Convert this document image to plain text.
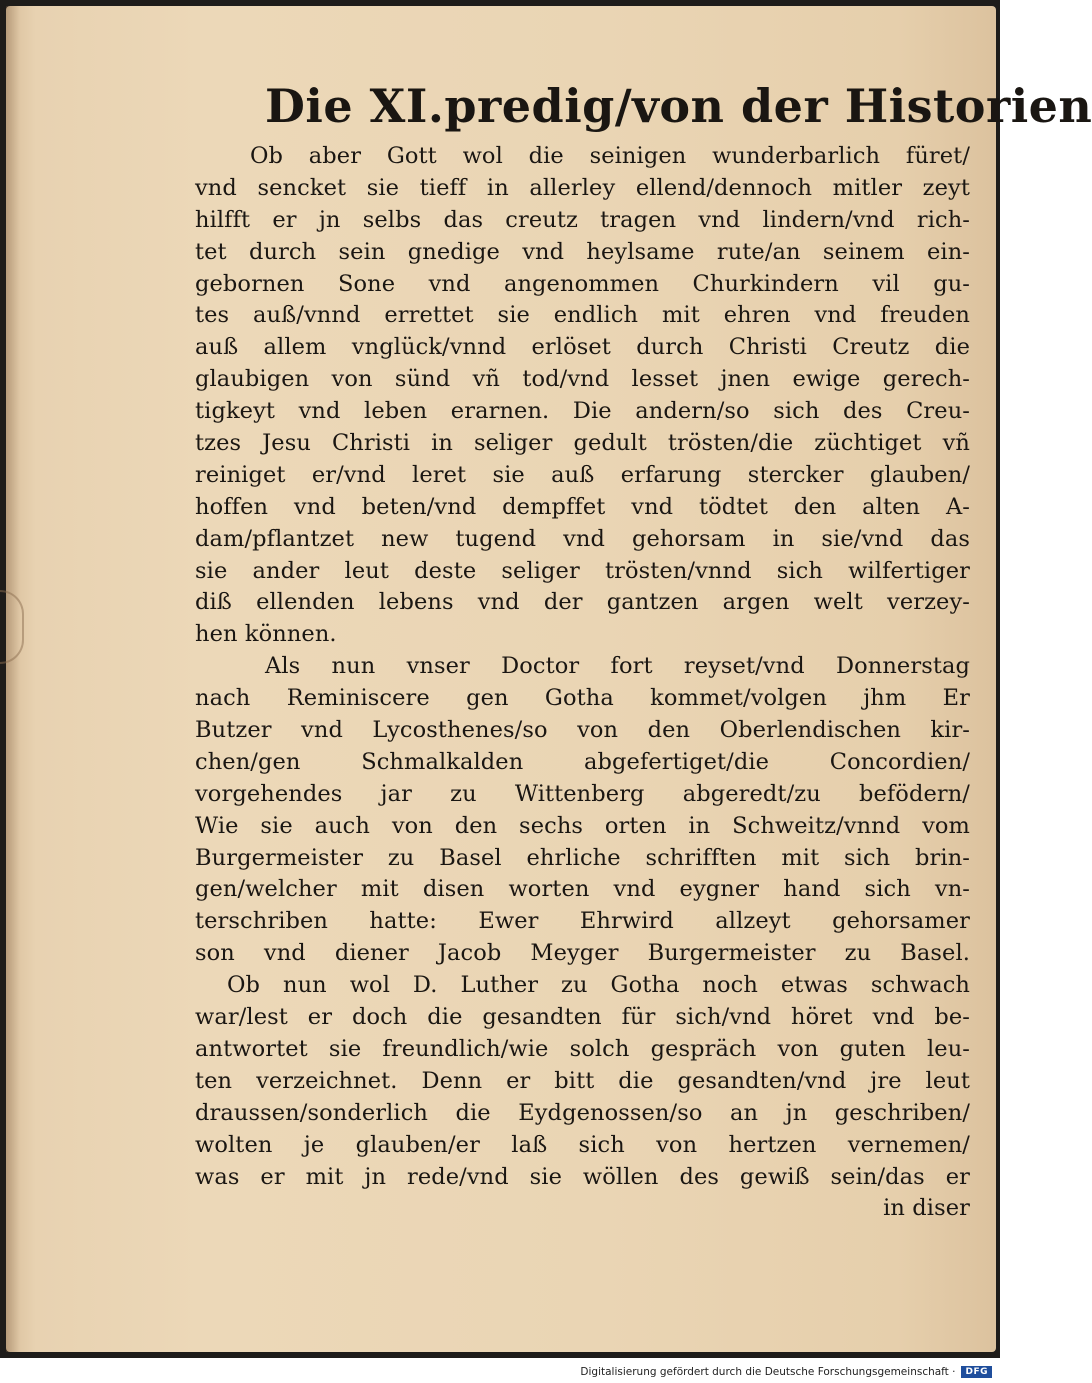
Die XI.predig/von der Historien
Ob aber Gott wol die seinigen wunderbarlich füret/
vnd sencket sie tieff in allerley ellend/dennoch mitler zeyt
hilfft er jn selbs das creutz tragen vnd lindern/vnd rich-
tet durch sein gnedige vnd heylsame rute/an seinem ein-
gebornen Sone vnd angenommen Churkindern vil gu-
tes auß/vnnd errettet sie endlich mit ehren vnd freuden
auß allem vnglück/vnnd erlöset durch Christi Creutz die
glaubigen von sünd vñ tod/vnd lesset jnen ewige gerech-
tigkeyt vnd leben erarnen. Die andern/so sich des Creu-
tzes Jesu Christi in seliger gedult trösten/die züchtiget vñ
reiniget er/vnd leret sie auß erfarung stercker glauben/
hoffen vnd beten/vnd dempffet vnd tödtet den alten A-
dam/pflantzet new tugend vnd gehorsam in sie/vnd das
sie ander leut deste seliger trösten/vnnd sich wilfertiger
diß ellenden lebens vnd der gantzen argen welt verzey-
hen können.
Als nun vnser Doctor fort reyset/vnd Donnerstag
nach Reminiscere gen Gotha kommet/volgen jhm Er
Butzer vnd Lycosthenes/so von den Oberlendischen kir-
chen/gen Schmalkalden abgefertiget/die Concordien/
vorgehendes jar zu Wittenberg abgeredt/zu befödern/
Wie sie auch von den sechs orten in Schweitz/vnnd vom
Burgermeister zu Basel ehrliche schrifften mit sich brin-
gen/welcher mit disen worten vnd eygner hand sich vn-
terschriben hatte: Ewer Ehrwird allzeyt gehorsamer
son vnd diener Jacob Meyger Burgermeister zu Basel.
Ob nun wol D. Luther zu Gotha noch etwas schwach
war/lest er doch die gesandten für sich/vnd höret vnd be-
antwortet sie freundlich/wie solch gespräch von guten leu-
ten verzeichnet. Denn er bitt die gesandten/vnd jre leut
draussen/sonderlich die Eydgenossen/so an jn geschriben/
wolten je glauben/er laß sich von hertzen vernemen/
was er mit jn rede/vnd sie wöllen des gewiß sein/das er
in diser
Digitalisierung gefördert durch die Deutsche Forschungsgemeinschaft ·	DFG
